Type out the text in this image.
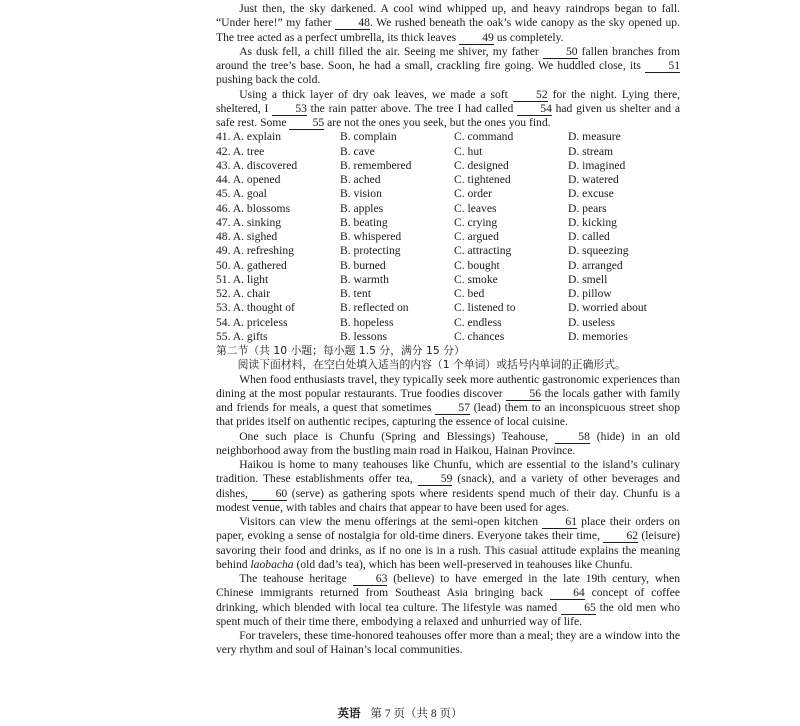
Just then, the sky darkened. A cool wind whipped up, and heavy raindrops began to fall. “Under here!” my father 48. We rushed beneath the oak’s wide canopy as the sky opened up. The tree acted as a perfect umbrella, its thick leaves 49 us completely.

As dusk fell, a chill filled the air. Seeing me shiver, my father 50 fallen branches from around the tree’s base. Soon, he had a small, crackling fire going. We huddled close, its 51 pushing back the cold.

Using a thick layer of dry oak leaves, we made a soft 52 for the night. Lying there, sheltered, I 53 the rain patter above. The tree I had called 54 had given us shelter and a safe rest. Some 55 are not the ones you seek, but the ones you find.

41. A. explain	B. complain	C. command	D. measure
42. A. tree	B. cave	C. hut	D. stream
43. A. discovered	B. remembered	C. designed	D. imagined
44. A. opened	B. ached	C. tightened	D. watered
45. A. goal	B. vision	C. order	D. excuse
46. A. blossoms	B. apples	C. leaves	D. pears
47. A. sinking	B. beating	C. crying	D. kicking
48. A. sighed	B. whispered	C. argued	D. called
49. A. refreshing	B. protecting	C. attracting	D. squeezing
50. A. gathered	B. burned	C. bought	D. arranged
51. A. light	B. warmth	C. smoke	D. smell
52. A. chair	B. tent	C. bed	D. pillow
53. A. thought of	B. reflected on	C. listened to	D. worried about
54. A. priceless	B. hopeless	C. endless	D. useless
55. A. gifts	B. lessons	C. chances	D. memories

第二节（共 10 小题；每小题 1.5 分，满分 15 分）

阅读下面材料，在空白处填入适当的内容（1 个单词）或括号内单词的正确形式。

When food enthusiasts travel, they typically seek more authentic gastronomic experiences than dining at the most popular restaurants. True foodies discover 56 the locals gather with family and friends for meals, a quest that sometimes 57 (lead) them to an inconspicuous street shop that prides itself on authentic recipes, capturing the essence of local cuisine.

One such place is Chunfu (Spring and Blessings) Teahouse, 58 (hide) in an old neighborhood away from the bustling main road in Haikou, Hainan Province.

Haikou is home to many teahouses like Chunfu, which are essential to the island’s culinary tradition. These establishments offer tea, 59 (snack), and a variety of other beverages and dishes, 60 (serve) as gathering spots where residents spend much of their day. Chunfu is a modest venue, with tables and chairs that appear to have been used for ages.

Visitors can view the menu offerings at the semi-open kitchen 61 place their orders on paper, evoking a sense of nostalgia for old-time diners. Everyone takes their time, 62 (leisure) savoring their food and drinks, as if no one is in a rush. This casual attitude explains the meaning behind laobacha (old dad’s tea), which has been well-preserved in teahouses like Chunfu.

The teahouse heritage 63 (believe) to have emerged in the late 19th century, when Chinese immigrants returned from Southeast Asia bringing back 64 concept of coffee drinking, which blended with local tea culture. The lifestyle was named 65 the old men who spent much of their time there, embodying a relaxed and unhurried way of life.

For travelers, these time-honored teahouses offer more than a meal; they are a window into the very rhythm and soul of Hainan’s local communities.

英语 第 7 页（共 8 页）
